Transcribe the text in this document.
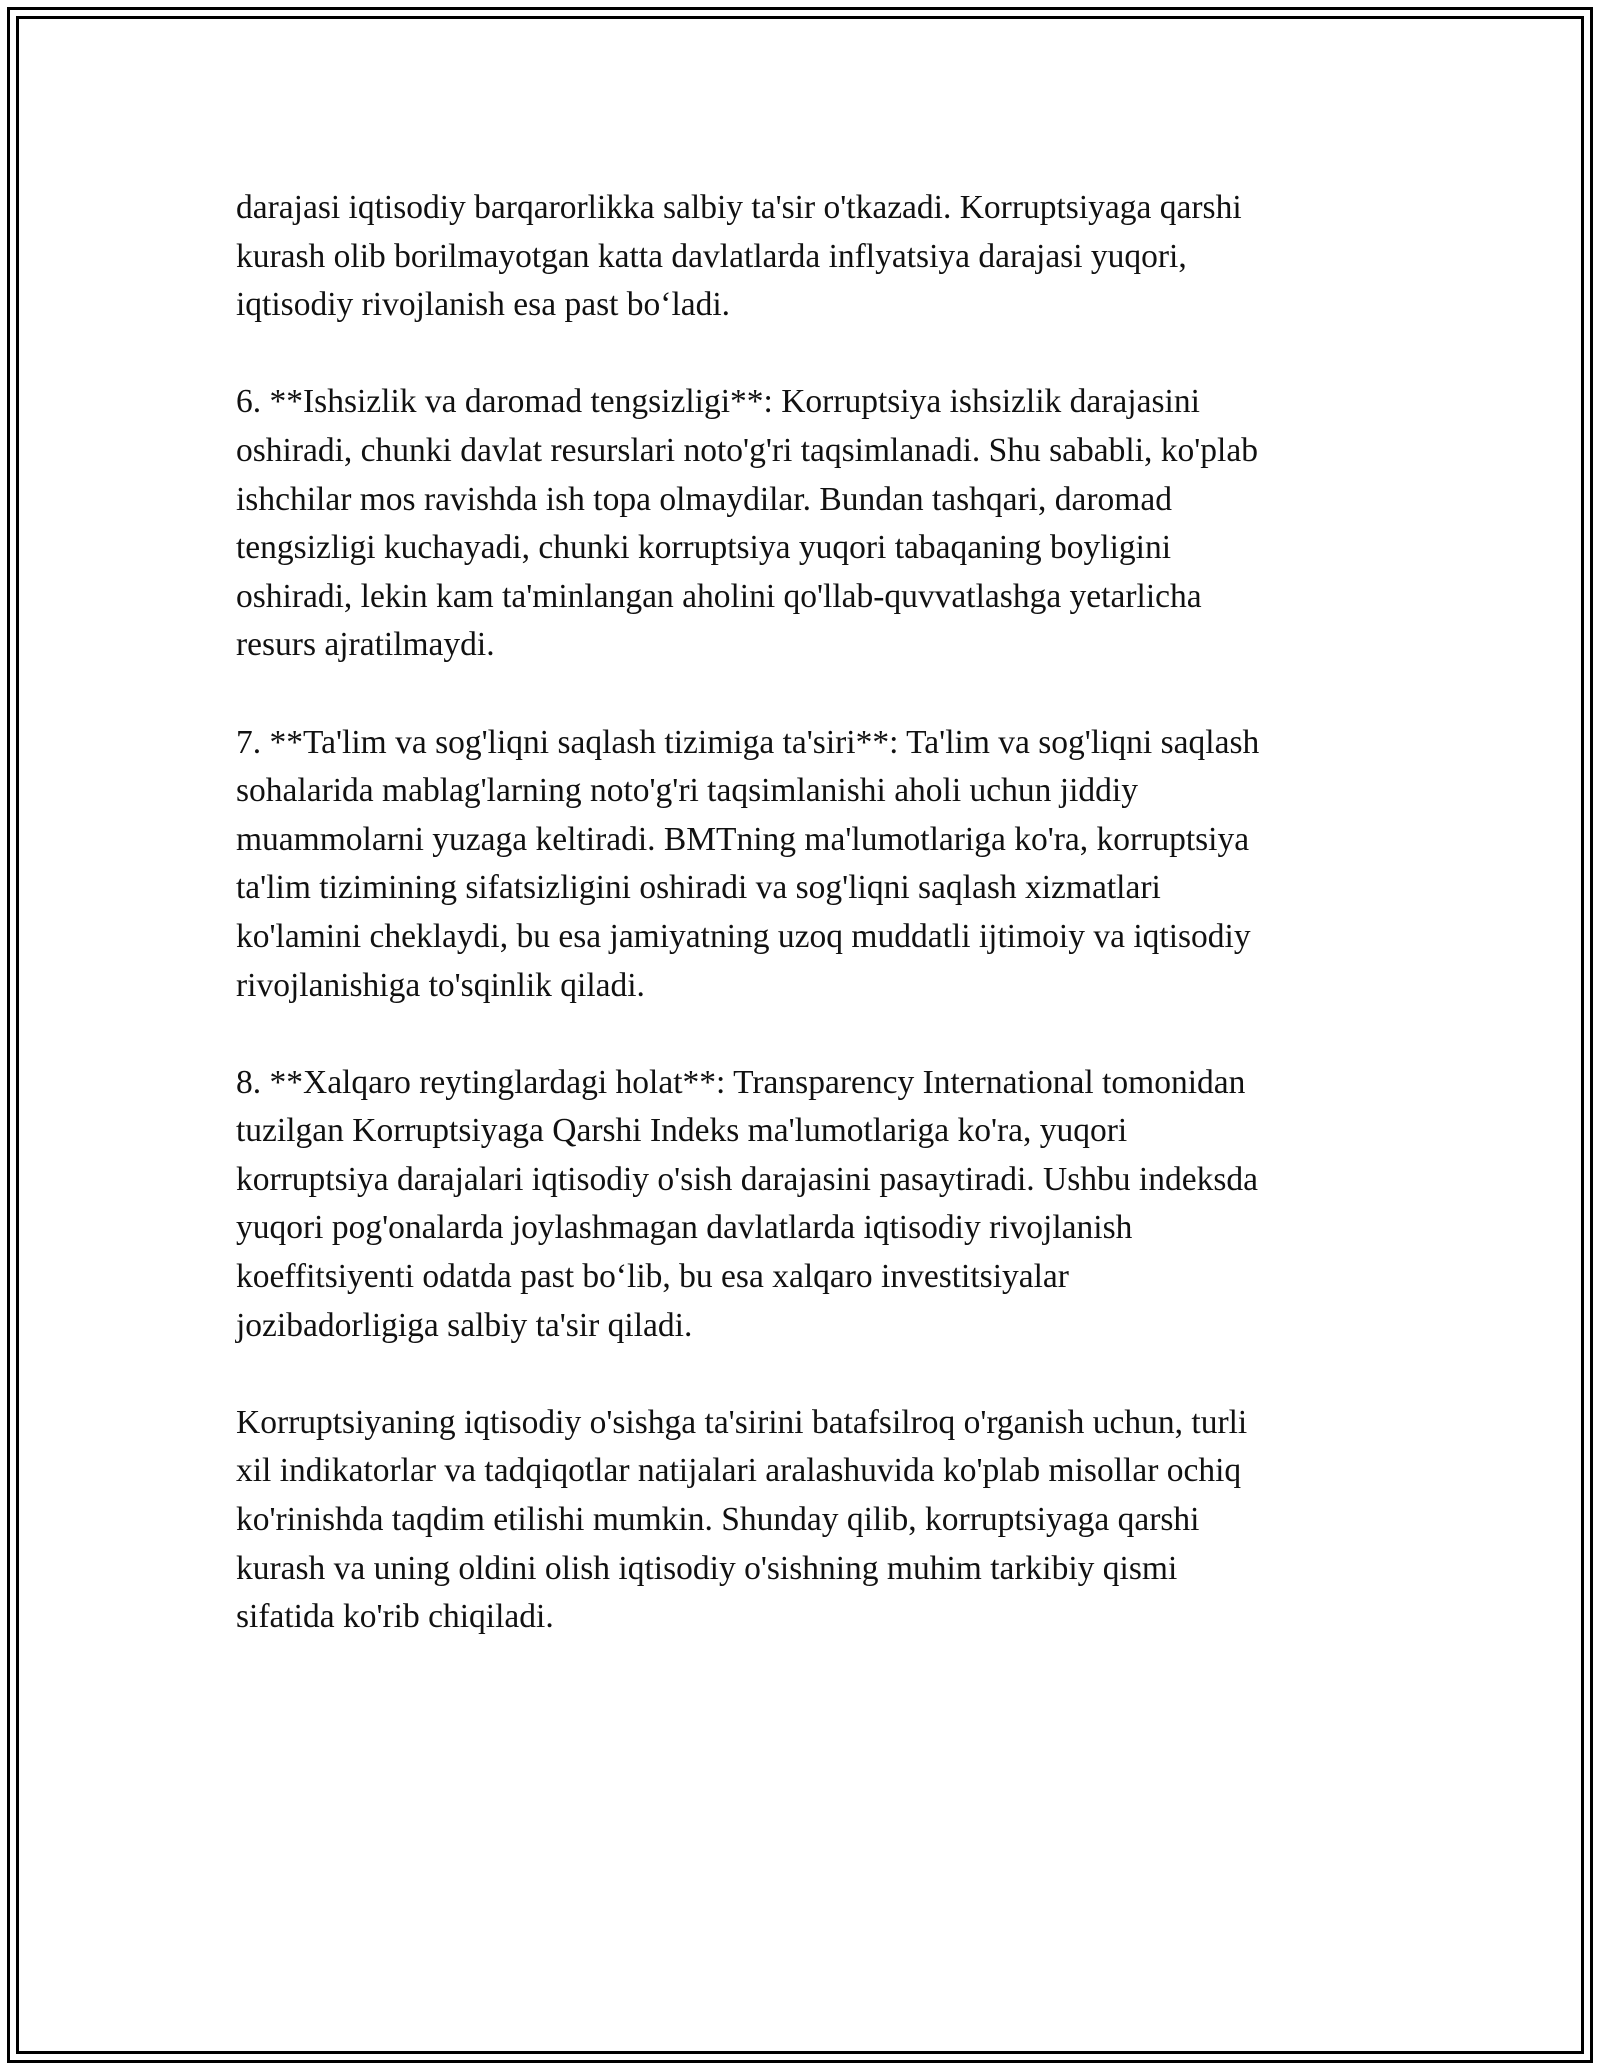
darajasi iqtisodiy barqarorlikka salbiy ta'sir o'tkazadi. Korruptsiyaga qarshi
kurash olib borilmayotgan katta davlatlarda inflyatsiya darajasi yuqori,
iqtisodiy rivojlanish esa past bo‘ladi.

6. **Ishsizlik va daromad tengsizligi**: Korruptsiya ishsizlik darajasini
oshiradi, chunki davlat resurslari noto'g'ri taqsimlanadi. Shu sababli, ko'plab
ishchilar mos ravishda ish topa olmaydilar. Bundan tashqari, daromad
tengsizligi kuchayadi, chunki korruptsiya yuqori tabaqaning boyligini
oshiradi, lekin kam ta'minlangan aholini qo'llab-quvvatlashga yetarlicha
resurs ajratilmaydi.

7. **Ta'lim va sog'liqni saqlash tizimiga ta'siri**: Ta'lim va sog'liqni saqlash
sohalarida mablag'larning noto'g'ri taqsimlanishi aholi uchun jiddiy
muammolarni yuzaga keltiradi. BMTning ma'lumotlariga ko'ra, korruptsiya
ta'lim tizimining sifatsizligini oshiradi va sog'liqni saqlash xizmatlari
ko'lamini cheklaydi, bu esa jamiyatning uzoq muddatli ijtimoiy va iqtisodiy
rivojlanishiga to'sqinlik qiladi.

8. **Xalqaro reytinglardagi holat**: Transparency International tomonidan
tuzilgan Korruptsiyaga Qarshi Indeks ma'lumotlariga ko'ra, yuqori
korruptsiya darajalari iqtisodiy o'sish darajasini pasaytiradi. Ushbu indeksda
yuqori pog'onalarda joylashmagan davlatlarda iqtisodiy rivojlanish
koeffitsiyenti odatda past bo‘lib, bu esa xalqaro investitsiyalar
jozibadorligiga salbiy ta'sir qiladi.

Korruptsiyaning iqtisodiy o'sishga ta'sirini batafsilroq o'rganish uchun, turli
xil indikatorlar va tadqiqotlar natijalari aralashuvida ko'plab misollar ochiq
ko'rinishda taqdim etilishi mumkin. Shunday qilib, korruptsiyaga qarshi
kurash va uning oldini olish iqtisodiy o'sishning muhim tarkibiy qismi
sifatida ko'rib chiqiladi.
